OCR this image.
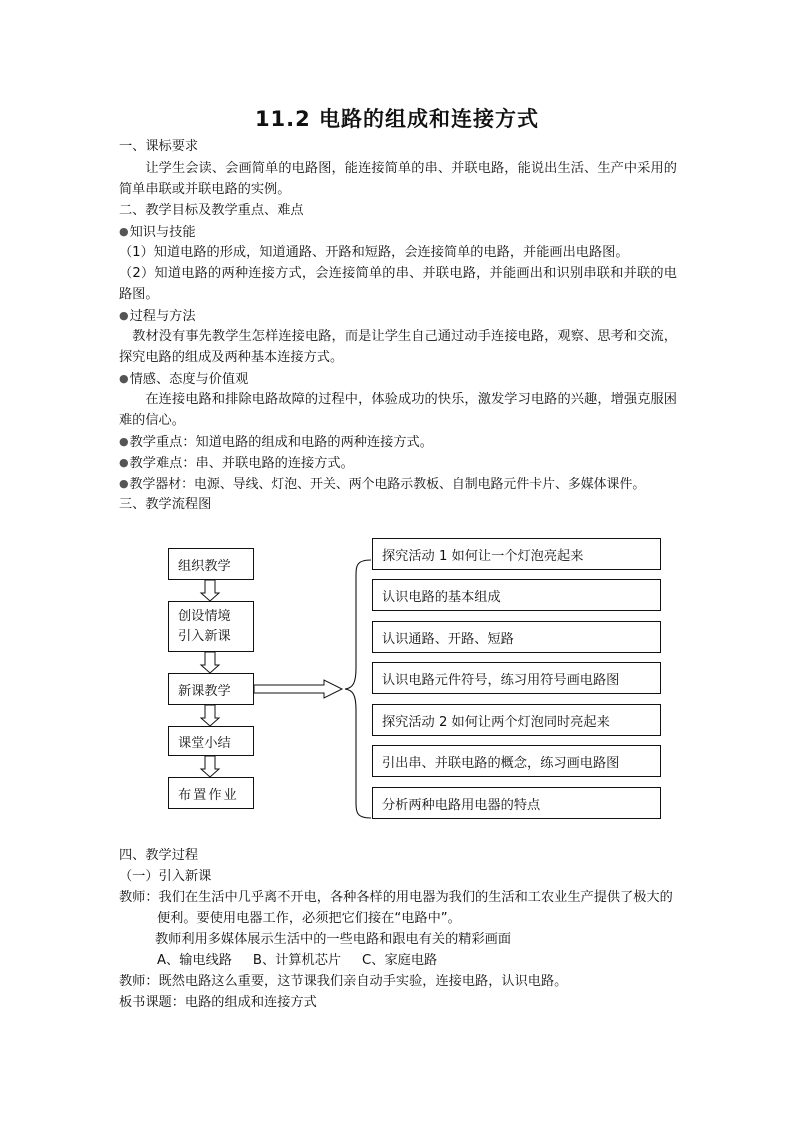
11.2 电路的组成和连接方式
一、课标要求
让学生会读、会画简单的电路图，能连接简单的串、并联电路，能说出生活、生产中采用的简单串联或并联电路的实例。
二、教学目标及教学重点、难点
●知识与技能
（1）知道电路的形成，知道通路、开路和短路，会连接简单的电路，并能画出电路图。
（2）知道电路的两种连接方式，会连接简单的串、并联电路，并能画出和识别串联和并联的电路图。
●过程与方法
教材没有事先教学生怎样连接电路，而是让学生自己通过动手连接电路，观察、思考和交流，探究电路的组成及两种基本连接方式。
●情感、态度与价值观
在连接电路和排除电路故障的过程中，体验成功的快乐，激发学习电路的兴趣，增强克服困难的信心。
●教学重点：知道电路的组成和电路的两种连接方式。
●教学难点：串、并联电路的连接方式。
●教学器材：电源、导线、灯泡、开关、两个电路示教板、自制电路元件卡片、多媒体课件。
三、教学流程图
组织教学
创设情境
引入新课
新课教学
课堂小结
布置作业
探究活动 1 如何让一个灯泡亮起来
认识电路的基本组成
认识通路、开路、短路
认识电路元件符号，练习用符号画电路图
探究活动 2 如何让两个灯泡同时亮起来
引出串、并联电路的概念，练习画电路图
分析两种电路用电器的特点
四、教学过程
（一）引入新课
教师：我们在生活中几乎离不开电，各种各样的用电器为我们的生活和工农业生产提供了极大的便利。要使用电器工作，必须把它们接在“电路中”。
教师利用多媒体展示生活中的一些电路和跟电有关的精彩画面
A、输电线路     B、计算机芯片     C、家庭电路
教师：既然电路这么重要，这节课我们亲自动手实验，连接电路，认识电路。
板书课题：电路的组成和连接方式
